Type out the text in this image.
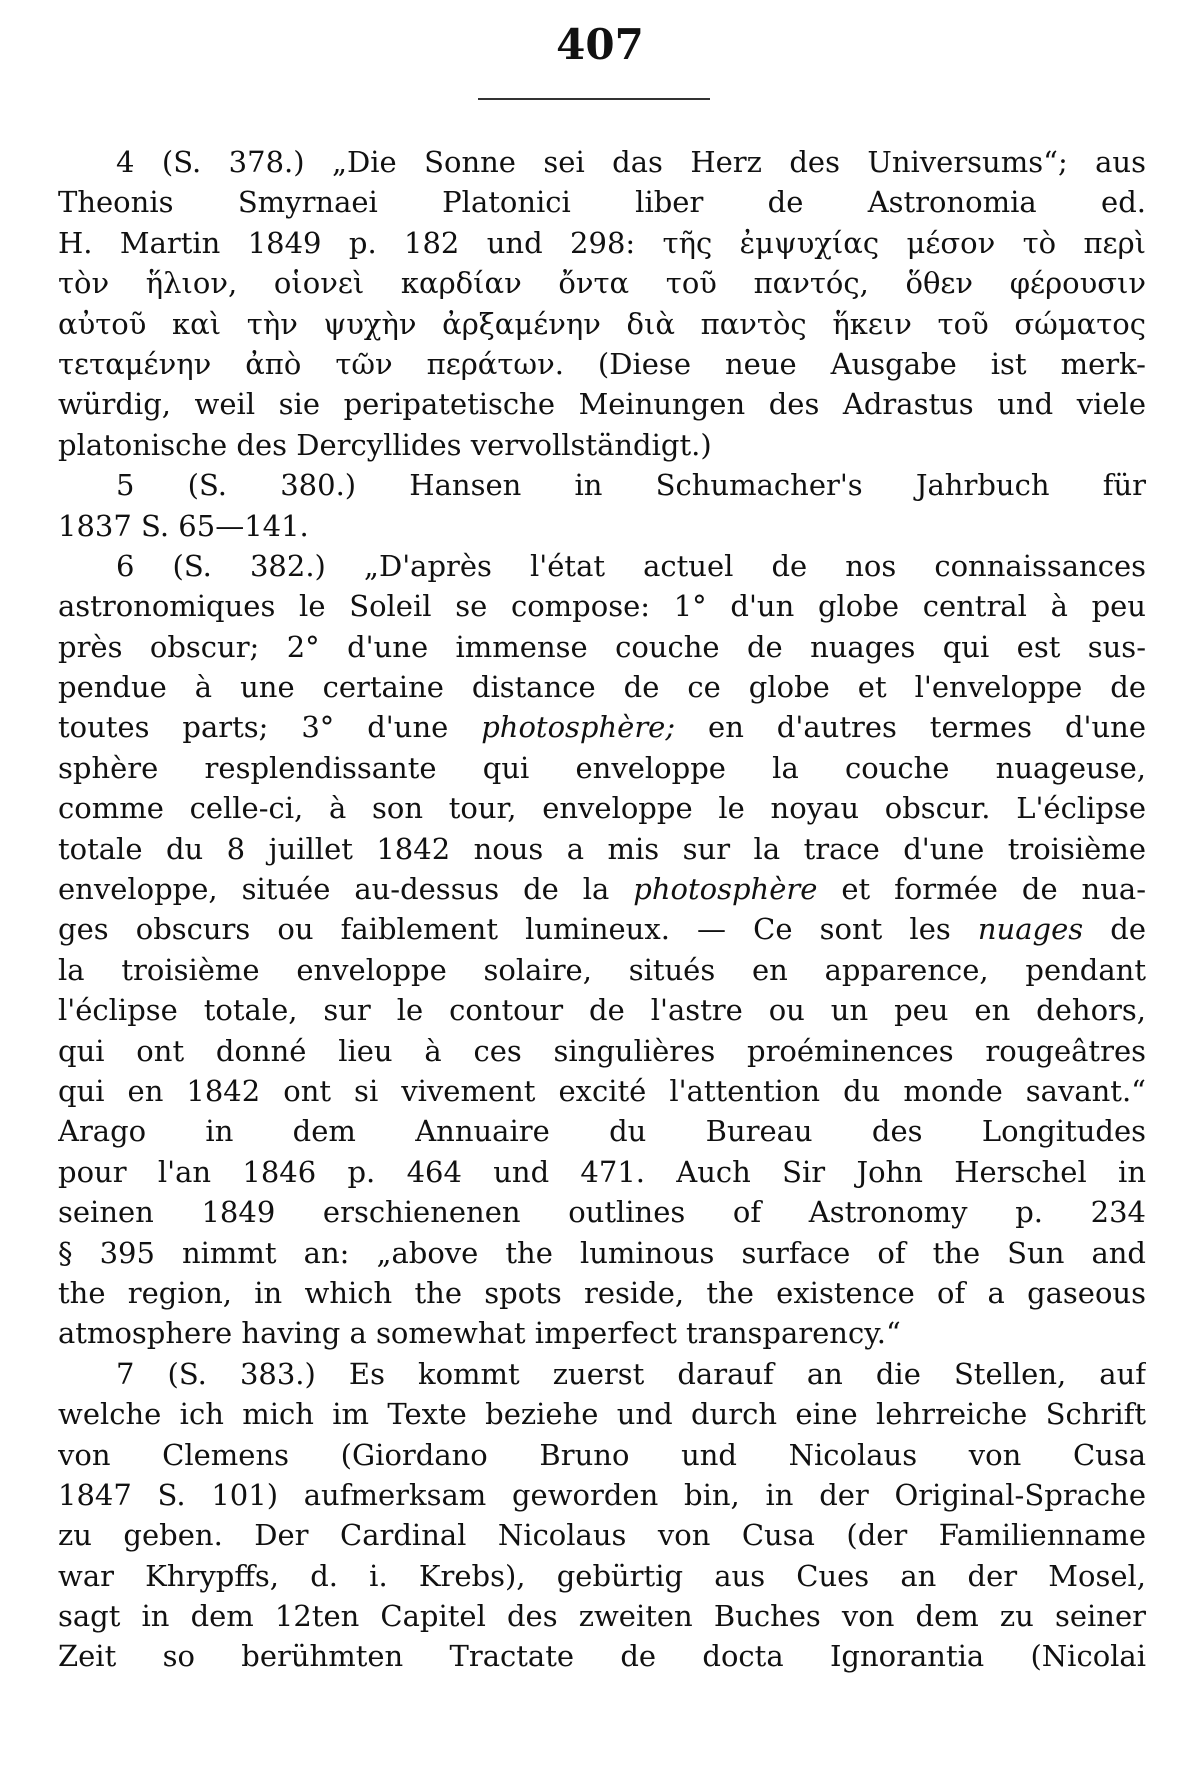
407
4 (S. 378.) „Die Sonne sei das Herz des Universums“; aus
Theonis Smyrnaei Platonici liber de Astronomia ed.
H. Martin 1849 p. 182 und 298: τῆς ἐμψυχίας μέσον τὸ περὶ
τὸν ἥλιον, οἱονεὶ καρδίαν ὄντα τοῦ παντός, ὅθεν φέρουσιν
αὐτοῦ καὶ τὴν ψυχὴν ἀρξαμένην διὰ παντὸς ἥκειν τοῦ σώματος
τεταμένην ἀπὸ τῶν περάτων. (Diese neue Ausgabe ist merk-
würdig, weil sie peripatetische Meinungen des Adrastus und viele
platonische des Dercyllides vervollständigt.)
5 (S. 380.) Hansen in Schumacher's Jahrbuch für
1837 S. 65—141.
6 (S. 382.) „D'après l'état actuel de nos connaissances
astronomiques le Soleil se compose: 1° d'un globe central à peu
près obscur; 2° d'une immense couche de nuages qui est sus-
pendue à une certaine distance de ce globe et l'enveloppe de
toutes parts; 3° d'une photosphère; en d'autres termes d'une
sphère resplendissante qui enveloppe la couche nuageuse,
comme celle-ci, à son tour, enveloppe le noyau obscur. L'éclipse
totale du 8 juillet 1842 nous a mis sur la trace d'une troisième
enveloppe, située au-dessus de la photosphère et formée de nua-
ges obscurs ou faiblement lumineux. — Ce sont les nuages de
la troisième enveloppe solaire, situés en apparence, pendant
l'éclipse totale, sur le contour de l'astre ou un peu en dehors,
qui ont donné lieu à ces singulières proéminences rougeâtres
qui en 1842 ont si vivement excité l'attention du monde savant.“
Arago in dem Annuaire du Bureau des Longitudes
pour l'an 1846 p. 464 und 471. Auch Sir John Herschel in
seinen 1849 erschienenen outlines of Astronomy p. 234
§ 395 nimmt an: „above the luminous surface of the Sun and
the region, in which the spots reside, the existence of a gaseous
atmosphere having a somewhat imperfect transparency.“
7 (S. 383.) Es kommt zuerst darauf an die Stellen, auf
welche ich mich im Texte beziehe und durch eine lehrreiche Schrift
von Clemens (Giordano Bruno und Nicolaus von Cusa
1847 S. 101) aufmerksam geworden bin, in der Original-Sprache
zu geben. Der Cardinal Nicolaus von Cusa (der Familienname
war Khrypffs, d. i. Krebs), gebürtig aus Cues an der Mosel,
sagt in dem 12ten Capitel des zweiten Buches von dem zu seiner
Zeit so berühmten Tractate de docta Ignorantia (Nicolai
